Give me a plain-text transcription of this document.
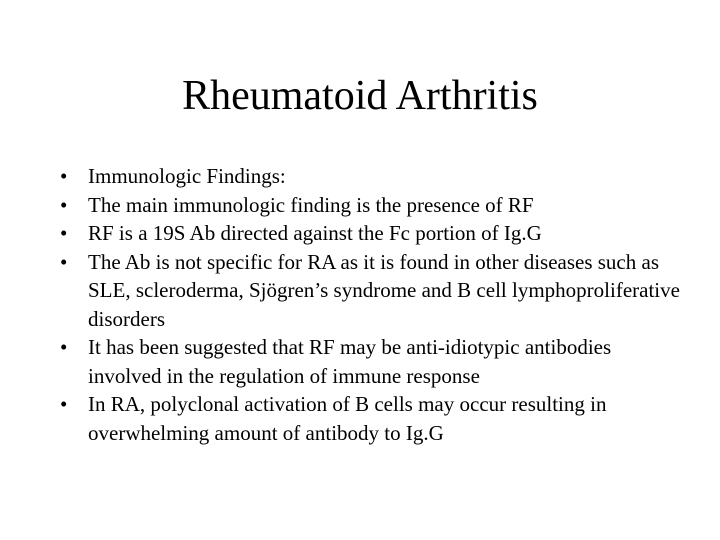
Rheumatoid Arthritis
• Immunologic Findings:
• The main immunologic finding is the presence of RF
• RF is a 19S Ab directed against the Fc portion of Ig.G
• The Ab is not specific for RA as it is found in other diseases such as SLE, scleroderma, Sjögren’s syndrome and B cell lymphoproliferative disorders
• It has been suggested that RF may be anti-idiotypic antibodies involved in the regulation of immune response
• In RA, polyclonal activation of B cells may occur resulting in overwhelming amount of antibody to Ig.G
